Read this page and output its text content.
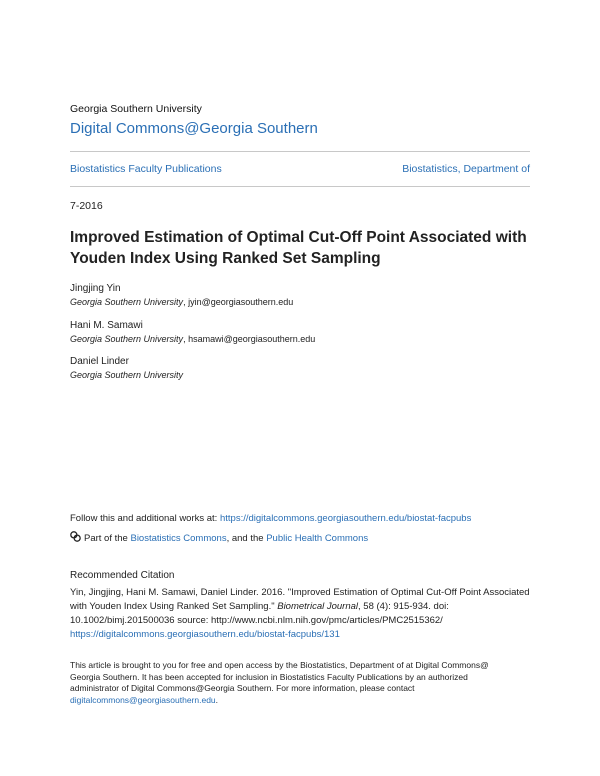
Georgia Southern University
Digital Commons@Georgia Southern
Biostatistics Faculty Publications	Biostatistics, Department of
7-2016
Improved Estimation of Optimal Cut-Off Point Associated with Youden Index Using Ranked Set Sampling
Jingjing Yin
Georgia Southern University, jyin@georgiasouthern.edu
Hani M. Samawi
Georgia Southern University, hsamawi@georgiasouthern.edu
Daniel Linder
Georgia Southern University
Follow this and additional works at: https://digitalcommons.georgiasouthern.edu/biostat-facpubs
Part of the Biostatistics Commons, and the Public Health Commons
Recommended Citation
Yin, Jingjing, Hani M. Samawi, Daniel Linder. 2016. "Improved Estimation of Optimal Cut-Off Point Associated with Youden Index Using Ranked Set Sampling." Biometrical Journal, 58 (4): 915-934. doi: 10.1002/bimj.201500036 source: http://www.ncbi.nlm.nih.gov/pmc/articles/PMC2515362/
https://digitalcommons.georgiasouthern.edu/biostat-facpubs/131
This article is brought to you for free and open access by the Biostatistics, Department of at Digital Commons@ Georgia Southern. It has been accepted for inclusion in Biostatistics Faculty Publications by an authorized administrator of Digital Commons@Georgia Southern. For more information, please contact digitalcommons@georgiasouthern.edu.
